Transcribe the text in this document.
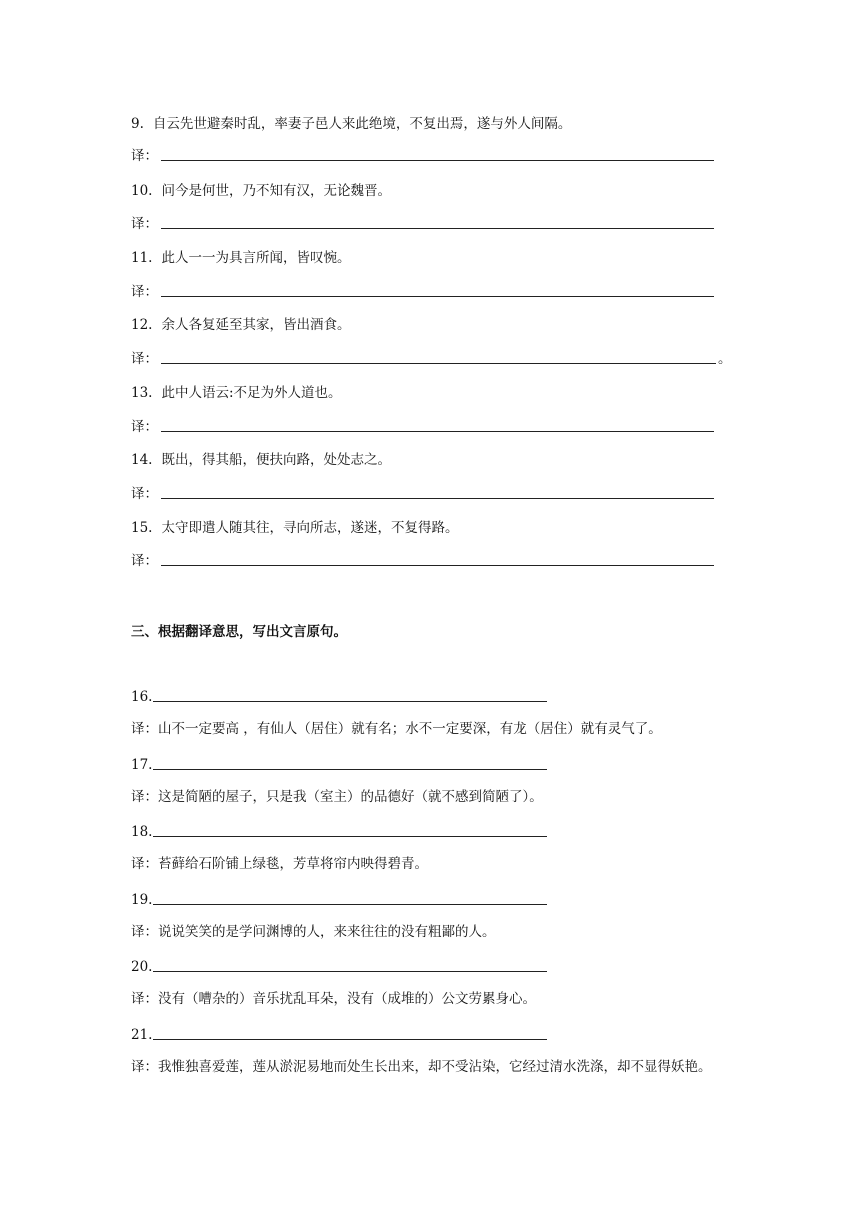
9. 自云先世避秦时乱，率妻子邑人来此绝境，不复出焉，遂与外人间隔。
译：
10. 问今是何世，乃不知有汉，无论魏晋。
译：
11. 此人一一为具言所闻，皆叹惋。
译：
12. 余人各复延至其家，皆出酒食。
译：	。
13. 此中人语云:不足为外人道也。
译：
14. 既出，得其船，便扶向路，处处志之。
译：
15. 太守即遣人随其往，寻向所志，遂迷，不复得路。
译：
三、根据翻译意思，写出文言原句。
16.
译：山不一定要高 ，有仙人（居住）就有名；水不一定要深，有龙（居住）就有灵气了。
17.
译：这是简陋的屋子，只是我（室主）的品德好（就不感到简陋了）。
18.
译：苔藓给石阶铺上绿毯，芳草将帘内映得碧青。
19.
译：说说笑笑的是学问渊博的人，来来往往的没有粗鄙的人。
20.
译：没有（嘈杂的）音乐扰乱耳朵，没有（成堆的）公文劳累身心。
21.
译：我惟独喜爱莲，莲从淤泥易地而处生长出来，却不受沾染，它经过清水洗涤，却不显得妖艳。
